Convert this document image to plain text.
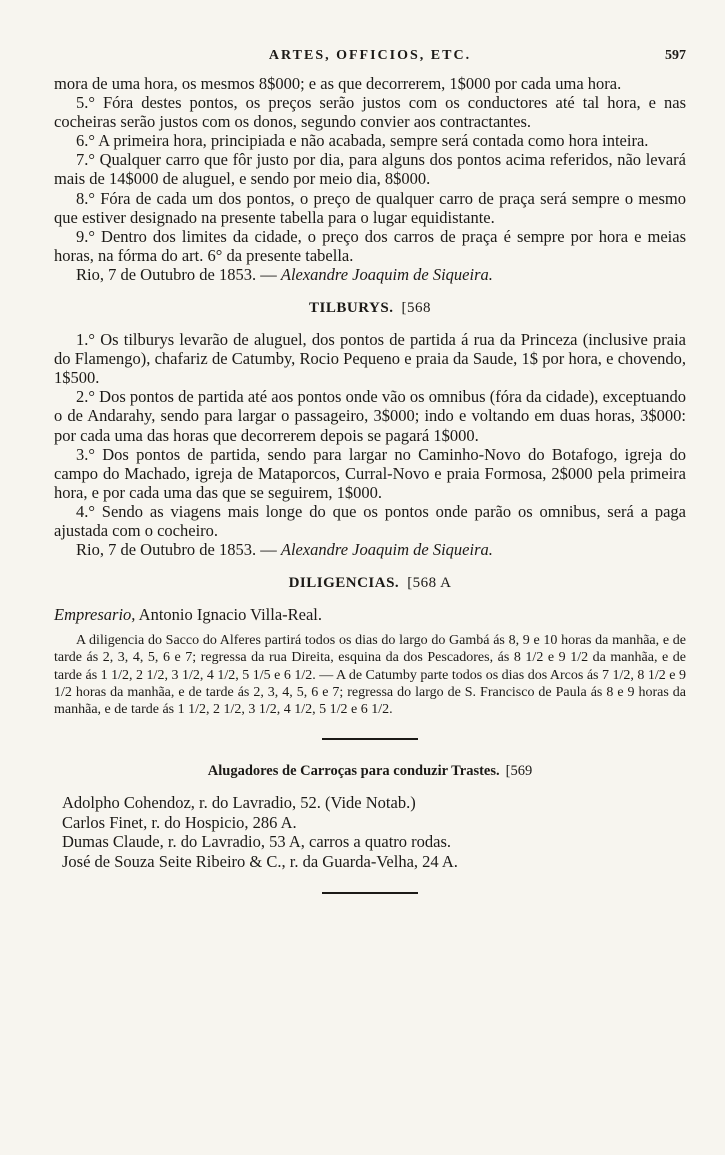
ARTES, OFFICIOS, ETC.	597

mora de uma hora, os mesmos 8$000; e as que decorrerem, 1$000 por cada uma hora.

5.° Fóra destes pontos, os preços serão justos com os conductores até tal hora, e nas cocheiras serão justos com os donos, segundo convier aos contractantes.

6.° A primeira hora, principiada e não acabada, sempre será contada como hora inteira.

7.° Qualquer carro que fôr justo por dia, para alguns dos pontos acima referidos, não levará mais de 14$000 de aluguel, e sendo por meio dia, 8$000.

8.° Fóra de cada um dos pontos, o preço de qualquer carro de praça será sempre o mesmo que estiver designado na presente tabella para o lugar equidistante.

9.° Dentro dos limites da cidade, o preço dos carros de praça é sempre por hora e meias horas, na fórma do art. 6° da presente tabella.

Rio, 7 de Outubro de 1853. — Alexandre Joaquim de Siqueira.

TILBURYS. [568

1.° Os tilburys levarão de aluguel, dos pontos de partida á rua da Princeza (inclusive praia do Flamengo), chafariz de Catumby, Rocio Pequeno e praia da Saude, 1$ por hora, e chovendo, 1$500.

2.° Dos pontos de partida até aos pontos onde vão os omnibus (fóra da cidade), exceptuando o de Andarahy, sendo para largar o passageiro, 3$000; indo e voltando em duas horas, 3$000: por cada uma das horas que decorrerem depois se pagará 1$000.

3.° Dos pontos de partida, sendo para largar no Caminho-Novo do Botafogo, igreja do campo do Machado, igreja de Mataporcos, Curral-Novo e praia Formosa, 2$000 pela primeira hora, e por cada uma das que se seguirem, 1$000.

4.° Sendo as viagens mais longe do que os pontos onde parão os omnibus, será a paga ajustada com o cocheiro.

Rio, 7 de Outubro de 1853. — Alexandre Joaquim de Siqueira.

DILIGENCIAS. [568 A

Empresario, Antonio Ignacio Villa-Real.

A diligencia do Sacco do Alferes partirá todos os dias do largo do Gambá ás 8, 9 e 10 horas da manhãa, e de tarde ás 2, 3, 4, 5, 6 e 7; regressa da rua Direita, esquina da dos Pescadores, ás 8 1/2 e 9 1/2 da manhãa, e de tarde ás 1 1/2, 2 1/2, 3 1/2, 4 1/2, 5 1/5 e 6 1/2. — A de Catumby parte todos os dias dos Arcos ás 7 1/2, 8 1/2 e 9 1/2 horas da manhãa, e de tarde ás 2, 3, 4, 5, 6 e 7; regressa do largo de S. Francisco de Paula ás 8 e 9 horas da manhãa, e de tarde ás 1 1/2, 2 1/2, 3 1/2, 4 1/2, 5 1/2 e 6 1/2.

Alugadores de Carroças para conduzir Trastes. [569

Adolpho Cohendoz, r. do Lavradio, 52. (Vide Notab.)

Carlos Finet, r. do Hospicio, 286 A.

Dumas Claude, r. do Lavradio, 53 A, carros a quatro rodas.

José de Souza Seite Ribeiro & C., r. da Guarda-Velha, 24 A.
